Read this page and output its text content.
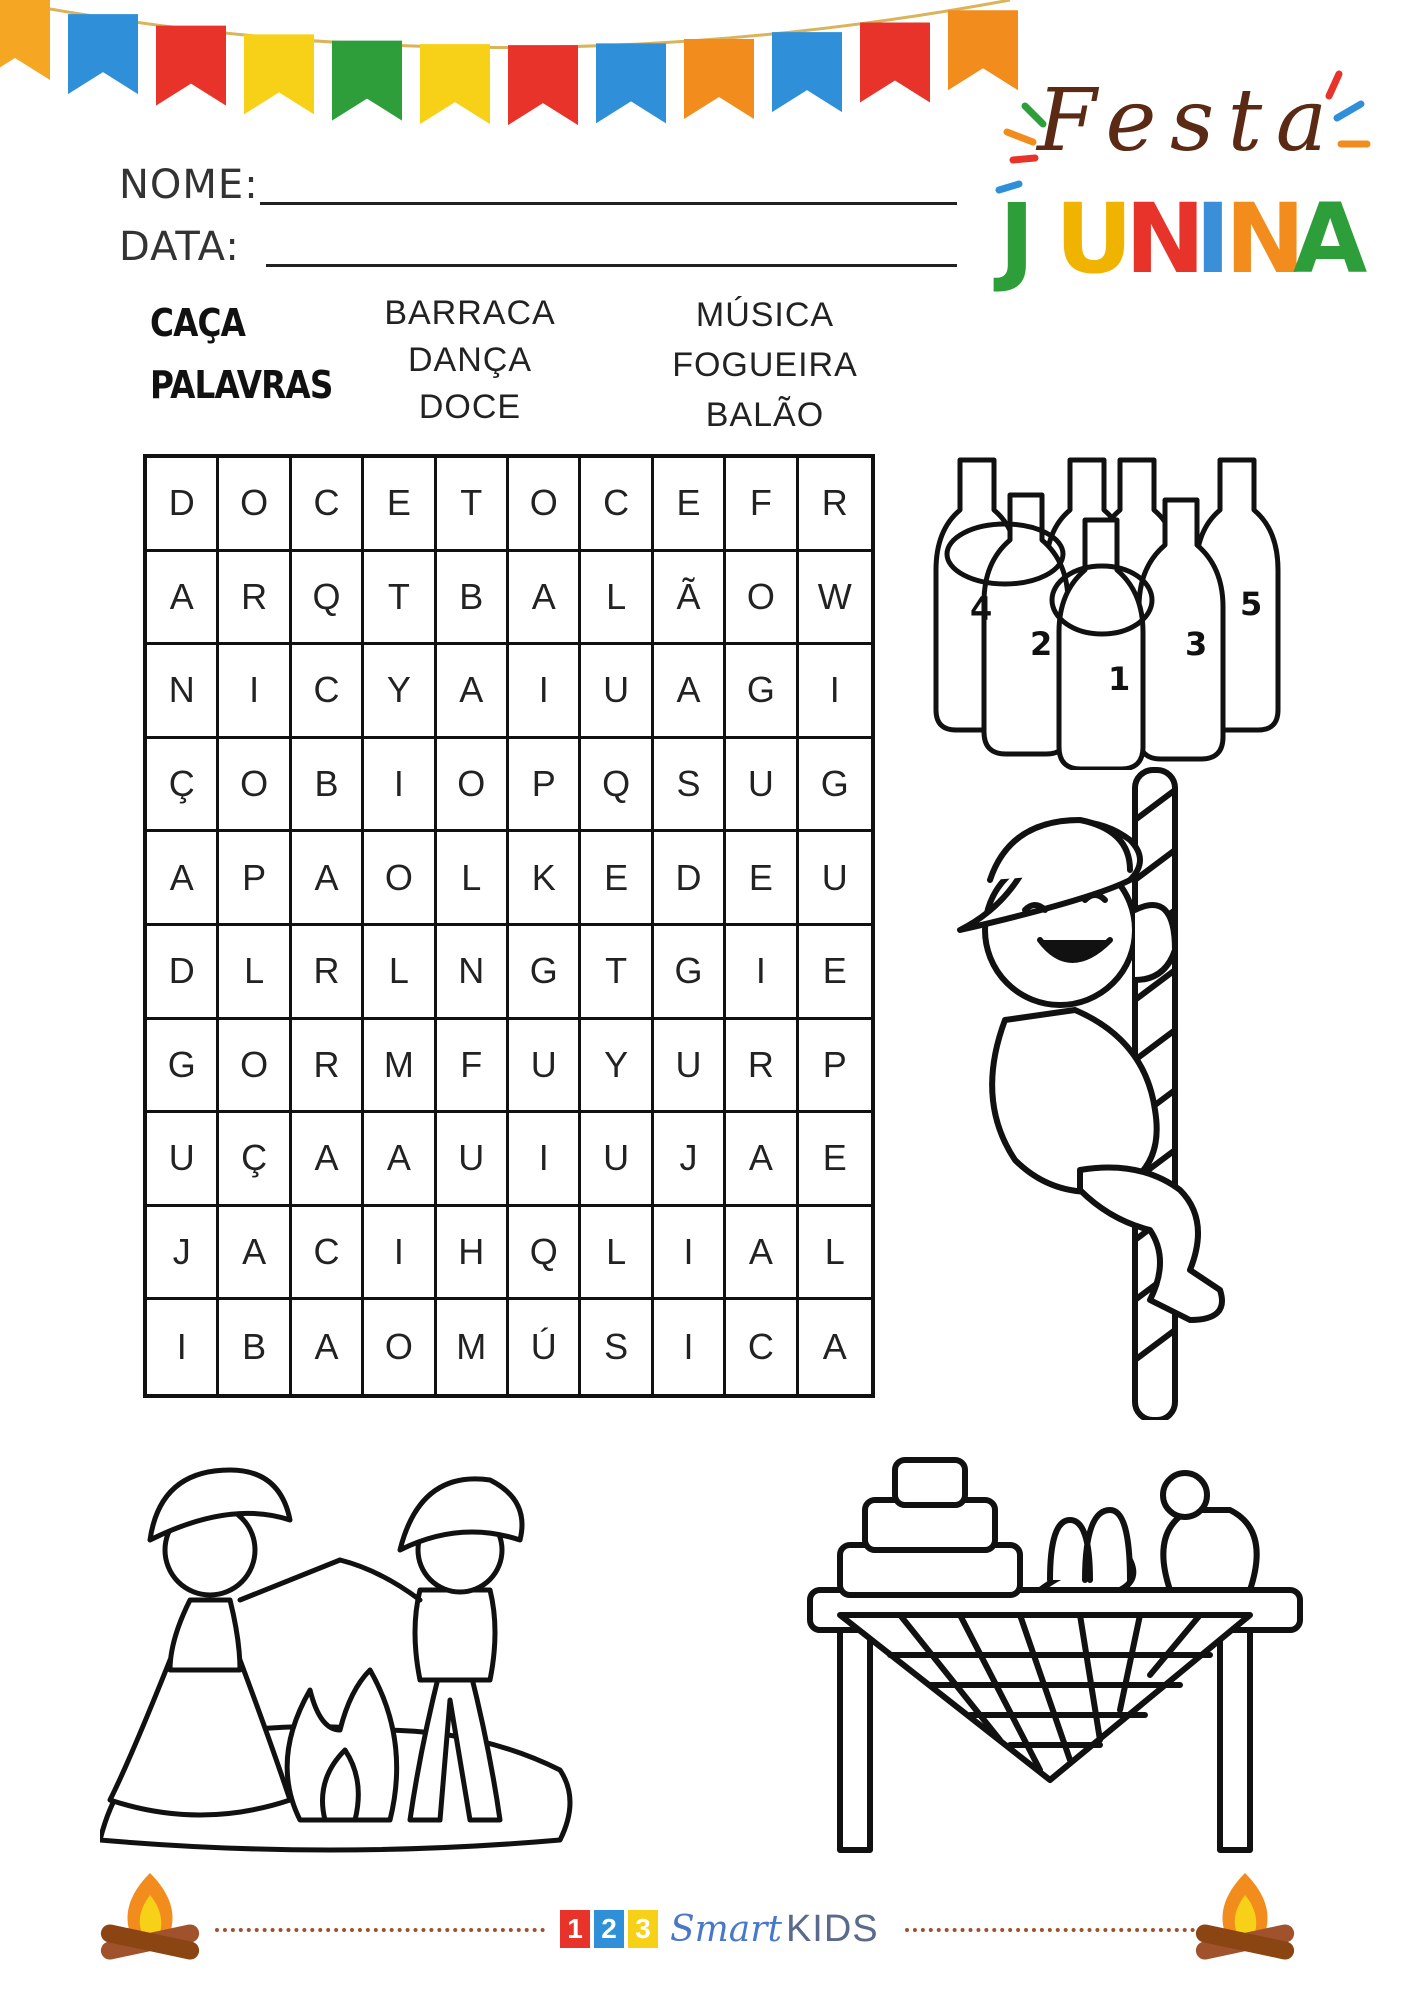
Festa
J U
N
I
N
A
NOME:
DATA:
CAÇA
PALAVRAS
BARRACA
DANÇA
DOCE
MÚSICA
FOGUEIRA
BALÃO
D	O	C	E	T	O	C	E	F	R
A	R	Q	T	B	A	L	Ã	O	W
N	I	C	Y	A	I	U	A	G	I
Ç	O	B	I	O	P	Q	S	U	G
A	P	A	O	L	K	E	D	E	U
D	L	R	L	N	G	T	G	I	E
G	O	R	M	F	U	Y	U	R	P
U	Ç	A	A	U	I	U	J	A	E
J	A	C	I	H	Q	L	I	A	L
I	B	A	O	M	Ú	S	I	C	A
4
2
1
3
5
1 2 3 Smart KIDS
